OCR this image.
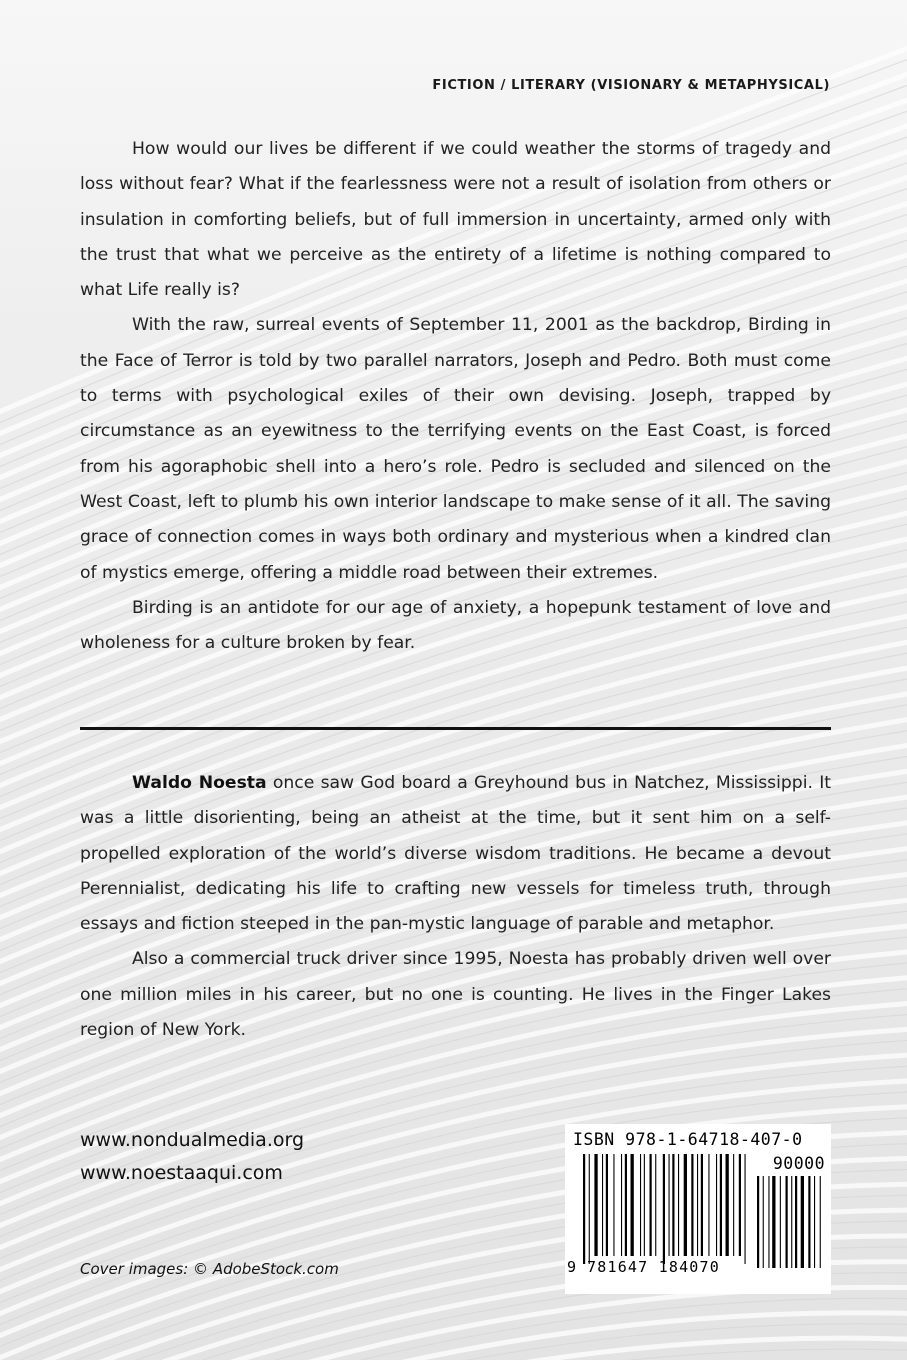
FICTION / LITERARY (VISIONARY & METAPHYSICAL)

How would our lives be different if we could weather the storms of tragedy and loss without fear? What if the fearlessness were not a result of isolation from others or insulation in comforting beliefs, but of full immersion in uncertainty, armed only with the trust that what we perceive as the entirety of a lifetime is nothing compared to what Life really is?

With the raw, surreal events of September 11, 2001 as the backdrop, Birding in the Face of Terror is told by two parallel narrators, Joseph and Pedro. Both must come to terms with psychological exiles of their own devising. Joseph, trapped by circumstance as an eyewitness to the terrifying events on the East Coast, is forced from his agoraphobic shell into a hero’s role. Pedro is secluded and silenced on the West Coast, left to plumb his own interior landscape to make sense of it all. The saving grace of connection comes in ways both ordinary and mysterious when a kindred clan of mystics emerge, offering a middle road between their extremes.

Birding is an antidote for our age of anxiety, a hopepunk testament of love and wholeness for a culture broken by fear.

Waldo Noesta once saw God board a Greyhound bus in Natchez, Mississippi. It was a little disorienting, being an atheist at the time, but it sent him on a self-propelled exploration of the world’s diverse wisdom traditions. He became a devout Perennialist, dedicating his life to crafting new vessels for timeless truth, through essays and fiction steeped in the pan-mystic language of parable and metaphor.

Also a commercial truck driver since 1995, Noesta has probably driven well over one million miles in his career, but no one is counting. He lives in the Finger Lakes region of New York.

www.nondualmedia.org
www.noestaaqui.com
Cover images: © AdobeStock.com
ISBN 978-1-64718-407-0
90000
9 781647 184070
